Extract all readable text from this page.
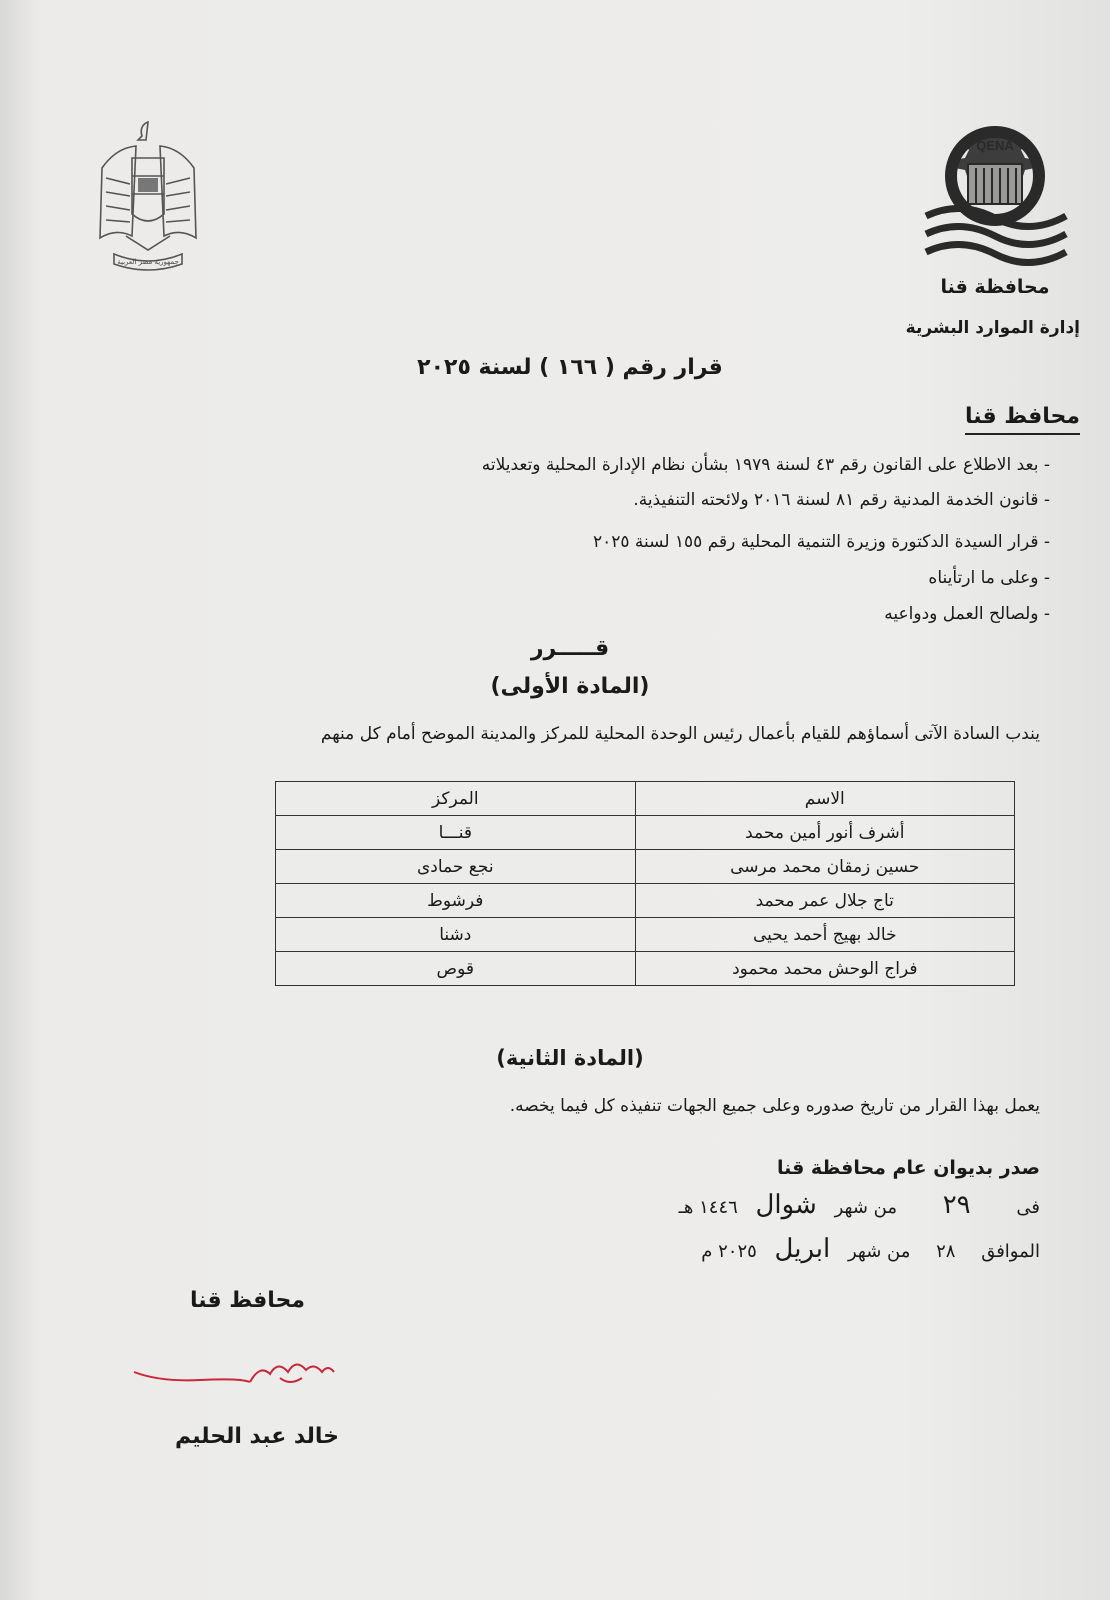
جمهورية مصر العربية
QENA
محافظة قنا
إدارة الموارد البشرية
قرار رقم ( ١٦٦ ) لسنة ٢٠٢٥
محافظ قنا
- بعد الاطلاع على القانون رقم ٤٣ لسنة ١٩٧٩ بشأن نظام الإدارة المحلية وتعديلاته
- قانون الخدمة المدنية رقم ٨١ لسنة ٢٠١٦ ولائحته التنفيذية.
- قرار السيدة الدكتورة وزيرة التنمية المحلية رقم ١٥٥ لسنة ٢٠٢٥
- وعلى ما ارتأيناه
- ولصالح العمل ودواعيه
قـــــرر
(المادة الأولى)
يندب السادة الآتى أسماؤهم للقيام بأعمال رئيس الوحدة المحلية للمركز والمدينة الموضح أمام كل منهم
الاسم	المركز
أشرف أنور أمين محمد	قنـــا
حسين زمقان محمد مرسى	نجع حمادى
تاج جلال عمر محمد	فرشوط
خالد بهيج أحمد يحيى	دشنا
فراج الوحش محمد محمود	قوص
(المادة الثانية)
يعمل بهذا القرار من تاريخ صدوره وعلى جميع الجهات تنفيذه كل فيما يخصه.
صدر بديوان عام محافظة قنا
فى ٢٩ من شهر شوال ١٤٤٦ هـ
الموافق ٢٨ من شهر ابريل ٢٠٢٥ م
محافظ قنا
خالد عبد الحليم
